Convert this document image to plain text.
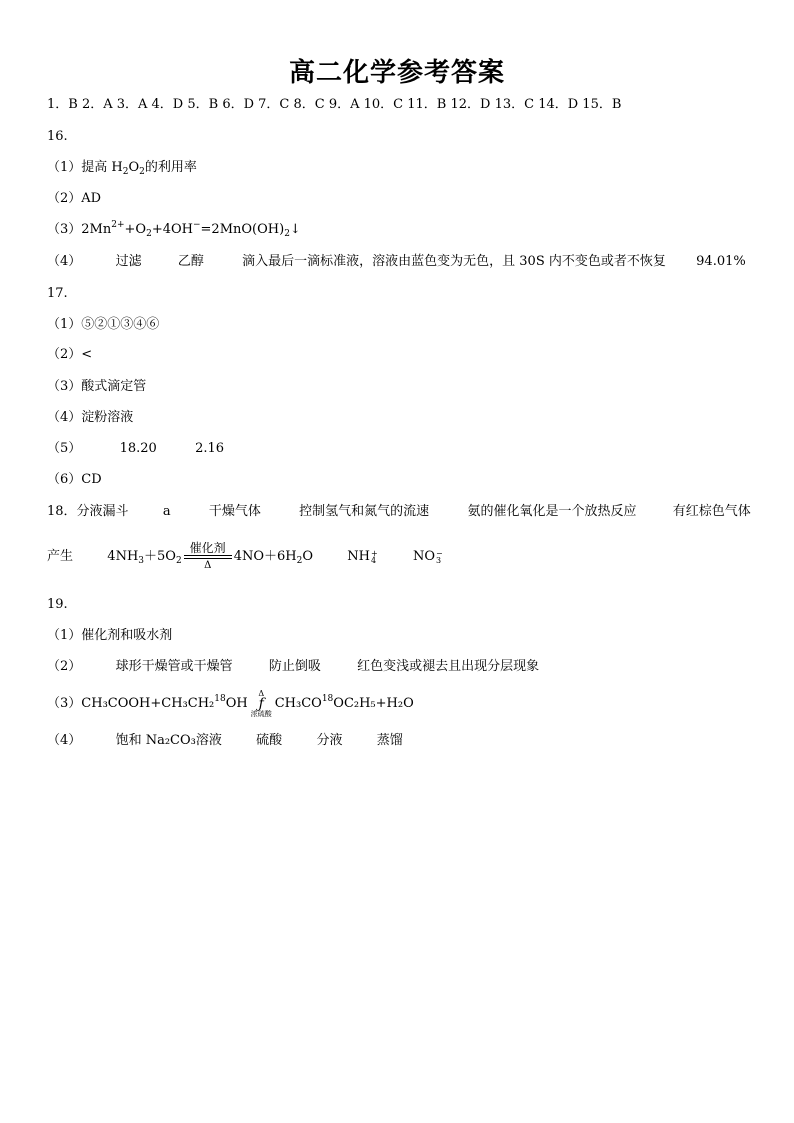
高二化学参考答案
1．B 2．A 3．A 4．D 5．B 6．D 7．C 8．C 9．A 10．C 11．B 12．D 13．C 14．D 15．B
16.
（1）提高 $H_2O_2$的利用率
（2）AD
$(3)2Mn^{2+}+O_2+4OH^-=2MnO(OH)_2↓$
（4）	过滤	乙醇	滴入最后一滴标准液，溶液由蓝色变为无色，且 30S 内不变色或者不恢复 94.01%
17.
（1）⑤②①③④⑥
（2）<
（3）酸式滴定管
（4）淀粉溶液
（5）	18.20	2.16
（6）CD
18．分液漏斗	a	干燥气体	控制氢气和氮气的流速	氨的催化氧化是一个放热反应	有红棕色气体
产生	$4NH_3+5O_2$
催化剂
Δ
$4NO+6H_2O$	NH+
4	NO−
3
19.
（1）催化剂和吸水剂
（2）	球形干燥管或干燥管	防止倒吸	红色变浅或褪去且出现分层现象
（3）CH₃COOH+CH₃CH₂$^{18}$OH
Δ
ƒ
浓硫酸
$CH_3CO^{18}OC_2H_5+H_2O$
（4）	饱和 Na₂CO₃溶液	硫酸	分液	蒸馏
